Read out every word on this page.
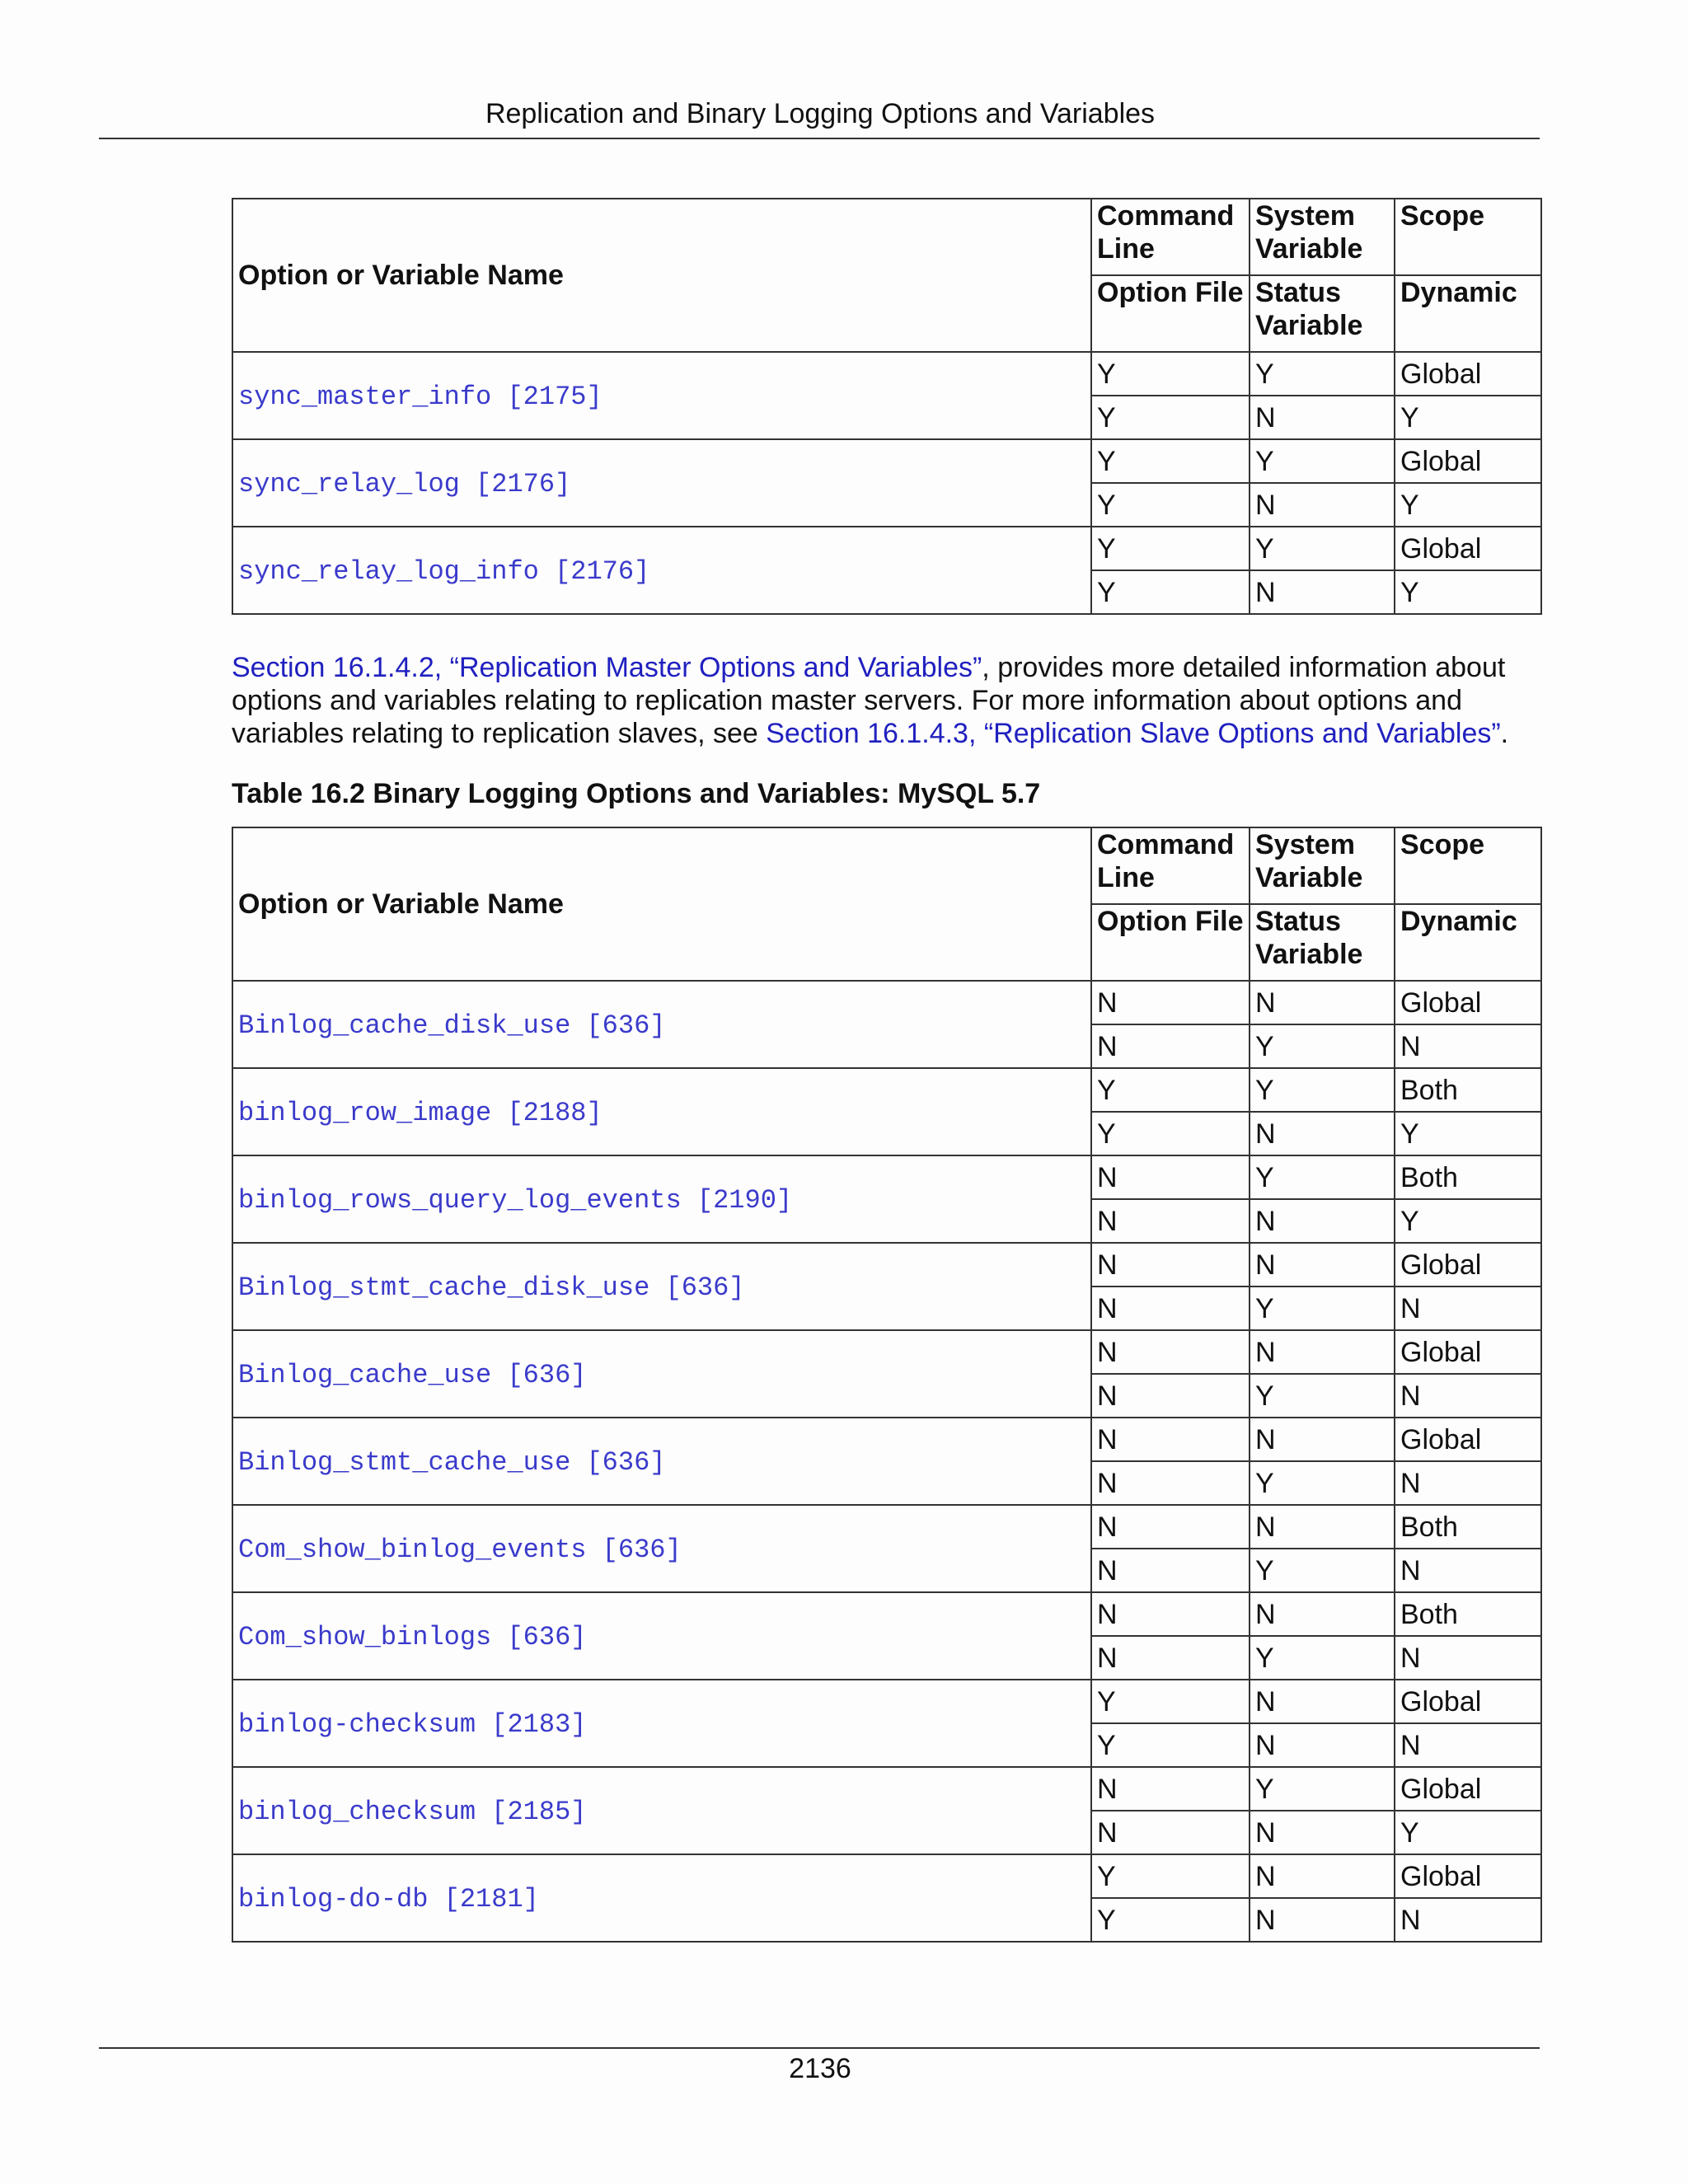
Replication and Binary Logging Options and Variables
Option or Variable Name	Command Line	System Variable	Scope
	Option File	Status Variable	Dynamic
sync_master_info [2175]	Y	Y	Global
	Y	N	Y
sync_relay_log [2176]	Y	Y	Global
	Y	N	Y
sync_relay_log_info [2176]	Y	Y	Global
	Y	N	Y

Section 16.1.4.2, “Replication Master Options and Variables”, provides more detailed information about options and variables relating to replication master servers. For more information about options and variables relating to replication slaves, see Section 16.1.4.3, “Replication Slave Options and Variables”.

Table 16.2 Binary Logging Options and Variables: MySQL 5.7

Option or Variable Name	Command Line	System Variable	Scope
	Option File	Status Variable	Dynamic
Binlog_cache_disk_use [636]	N	N	Global
	N	Y	N
binlog_row_image [2188]	Y	Y	Both
	Y	N	Y
binlog_rows_query_log_events [2190]	N	Y	Both
	N	N	Y
Binlog_stmt_cache_disk_use [636]	N	N	Global
	N	Y	N
Binlog_cache_use [636]	N	N	Global
	N	Y	N
Binlog_stmt_cache_use [636]	N	N	Global
	N	Y	N
Com_show_binlog_events [636]	N	N	Both
	N	Y	N
Com_show_binlogs [636]	N	N	Both
	N	Y	N
binlog-checksum [2183]	Y	N	Global
	Y	N	N
binlog_checksum [2185]	N	Y	Global
	N	N	Y
binlog-do-db [2181]	Y	N	Global
	Y	N	N
2136
